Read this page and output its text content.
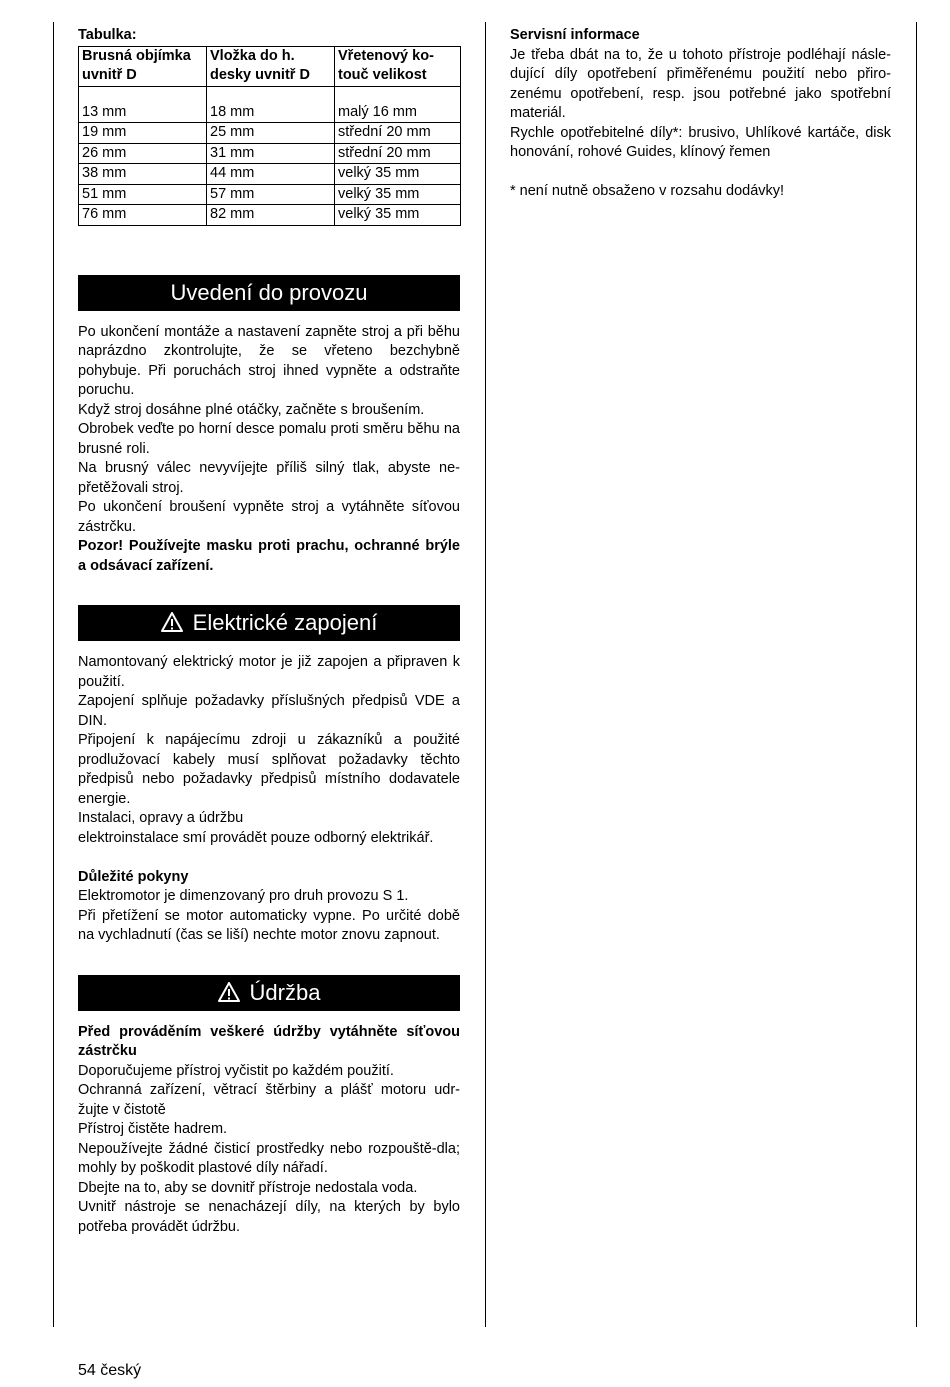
Tabulka:

Brusná objímka uvnitř D	Vložka do h. desky uvnitř D	Vřetenový ko-touč velikost

13 mm	18 mm	malý 16 mm
19 mm	25 mm	střední 20 mm
26 mm	31 mm	střední 20 mm
38 mm	44 mm	velký 35 mm
51 mm	57 mm	velký 35 mm
76 mm	82 mm	velký 35 mm
Uvedení do provozu

Po ukončení montáže a nastavení zapněte stroj a při běhu naprázdno zkontrolujte, že se vřeteno bezchybně pohybuje. Při poruchách stroj ihned vypněte a odstraňte poruchu.

Když stroj dosáhne plné otáčky, začněte s broušením.

Obrobek veďte po horní desce pomalu proti směru běhu na brusné roli.

Na brusný válec nevyvíjejte příliš silný tlak, abyste ne-přetěžovali stroj.

Po ukončení broušení vypněte stroj a vytáhněte síťovou zástrčku.

Pozor! Používejte masku proti prachu, ochranné brýle a odsávací zařízení.

Elektrické zapojení

Namontovaný elektrický motor je již zapojen a připraven k použití.

Zapojení splňuje požadavky příslušných předpisů VDE a DIN.

Připojení k napájecímu zdroji u zákazníků a použité prodlužovací kabely musí splňovat požadavky těchto předpisů nebo požadavky předpisů místního dodavatele energie.

Instalaci, opravy a údržbu

elektroinstalace smí provádět pouze odborný elektrikář.

Důležité pokyny

Elektromotor je dimenzovaný pro druh provozu S 1.

Při přetížení se motor automaticky vypne. Po určité době na vychladnutí (čas se liší) nechte motor znovu zapnout.

Údržba

Před prováděním veškeré údržby vytáhněte síťovou zástrčku

Doporučujeme přístroj vyčistit po každém použití.

Ochranná zařízení, větrací štěrbiny a plášť motoru udr-žujte v čistotě

Přístroj čistěte hadrem.

Nepoužívejte žádné čisticí prostředky nebo rozpouště-dla; mohly by poškodit plastové díly nářadí.

Dbejte na to, aby se dovnitř přístroje nedostala voda.

Uvnitř nástroje se nenacházejí díly, na kterých by bylo potřeba provádět údržbu.

Servisní informace

Je třeba dbát na to, že u tohoto přístroje podléhají násle-dující díly opotřebení přiměřenému použití nebo přiro-zenému opotřebení, resp. jsou potřebné jako spotřební materiál.

Rychle opotřebitelné díly*: brusivo, Uhlíkové kartáče, disk honování, rohové Guides, klínový řemen

* není nutně obsaženo v rozsahu dodávky!

54 český
